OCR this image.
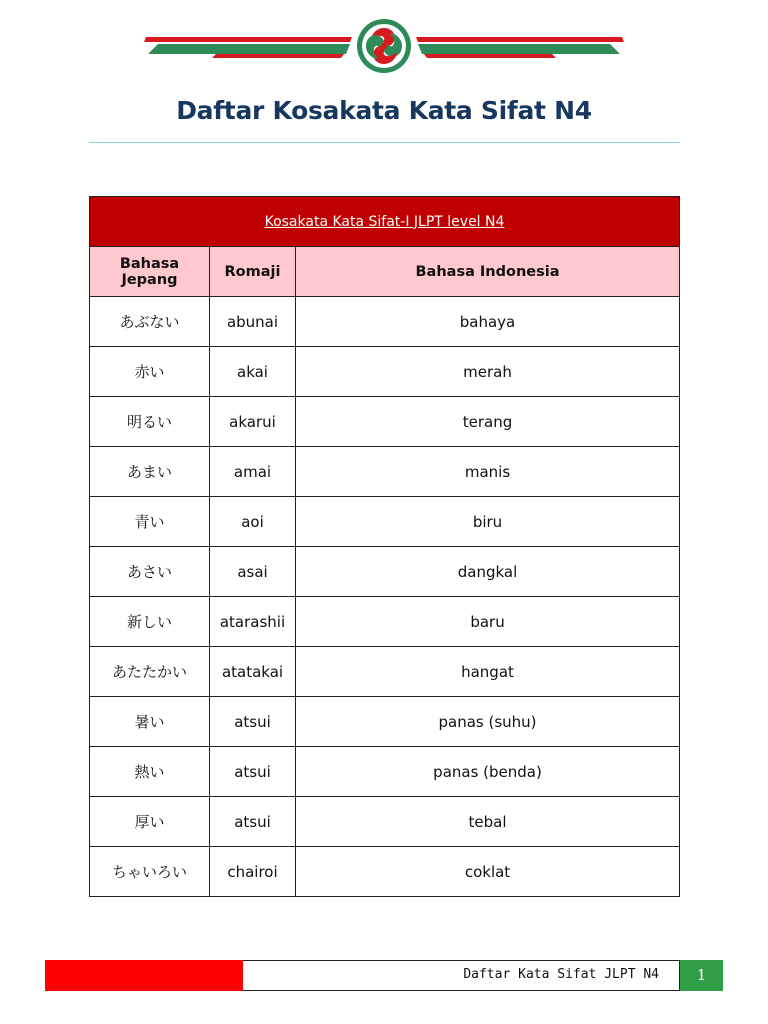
Daftar Kosakata Kata Sifat N4
Kosakata Kata Sifat-I JLPT level N4		
Bahasa Jepang	Romaji	Bahasa Indonesia
あぶない	abunai	bahaya
赤い	akai	merah
明るい	akarui	terang
あまい	amai	manis
青い	aoi	biru
あさい	asai	dangkal
新しい	atarashii	baru
あたたかい	atatakai	hangat
暑い	atsui	panas (suhu)
熱い	atsui	panas (benda)
厚い	atsui	tebal
ちゃいろい	chairoi	coklat
Daftar Kata Sifat JLPT N4	1
